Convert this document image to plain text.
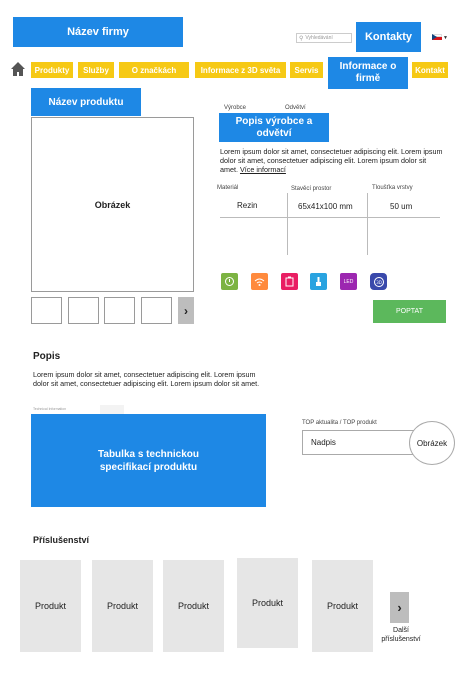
Název firmy
⚲ Vyhledávání	Kontakty	▼
Produkty	Služby	O značkách	Informace z 3D světa	Servis	Informace o firmě
Kontakt
Název produktu
Obrázek
›
Výrobce	Odvětví
Popis výrobce a odvětví
Lorem ipsum dolor sit amet, consectetuer adipiscing elit. Lorem ipsum dolor sit amet, consectetuer adipiscing elit. Lorem ipsum dolor sit amet. Více informací
Materiál	Stavěcí prostor	Tloušťka vrstvy
Rezin	65x41x100 mm	50 um
LED	3D
POPTAT
Popis
Lorem ipsum dolor sit amet, consectetuer adipiscing elit. Lorem ipsum dolor sit amet, consectetuer adipiscing elit. Lorem ipsum dolor sit amet.
Technical Information
Tabulka s technickou specifikací produktu
TOP aktualita / TOP produkt
Nadpis	Obrázek
Příslušenství
Produkt	Produkt	Produkt	Produkt	Produkt	›
Další příslušenství
